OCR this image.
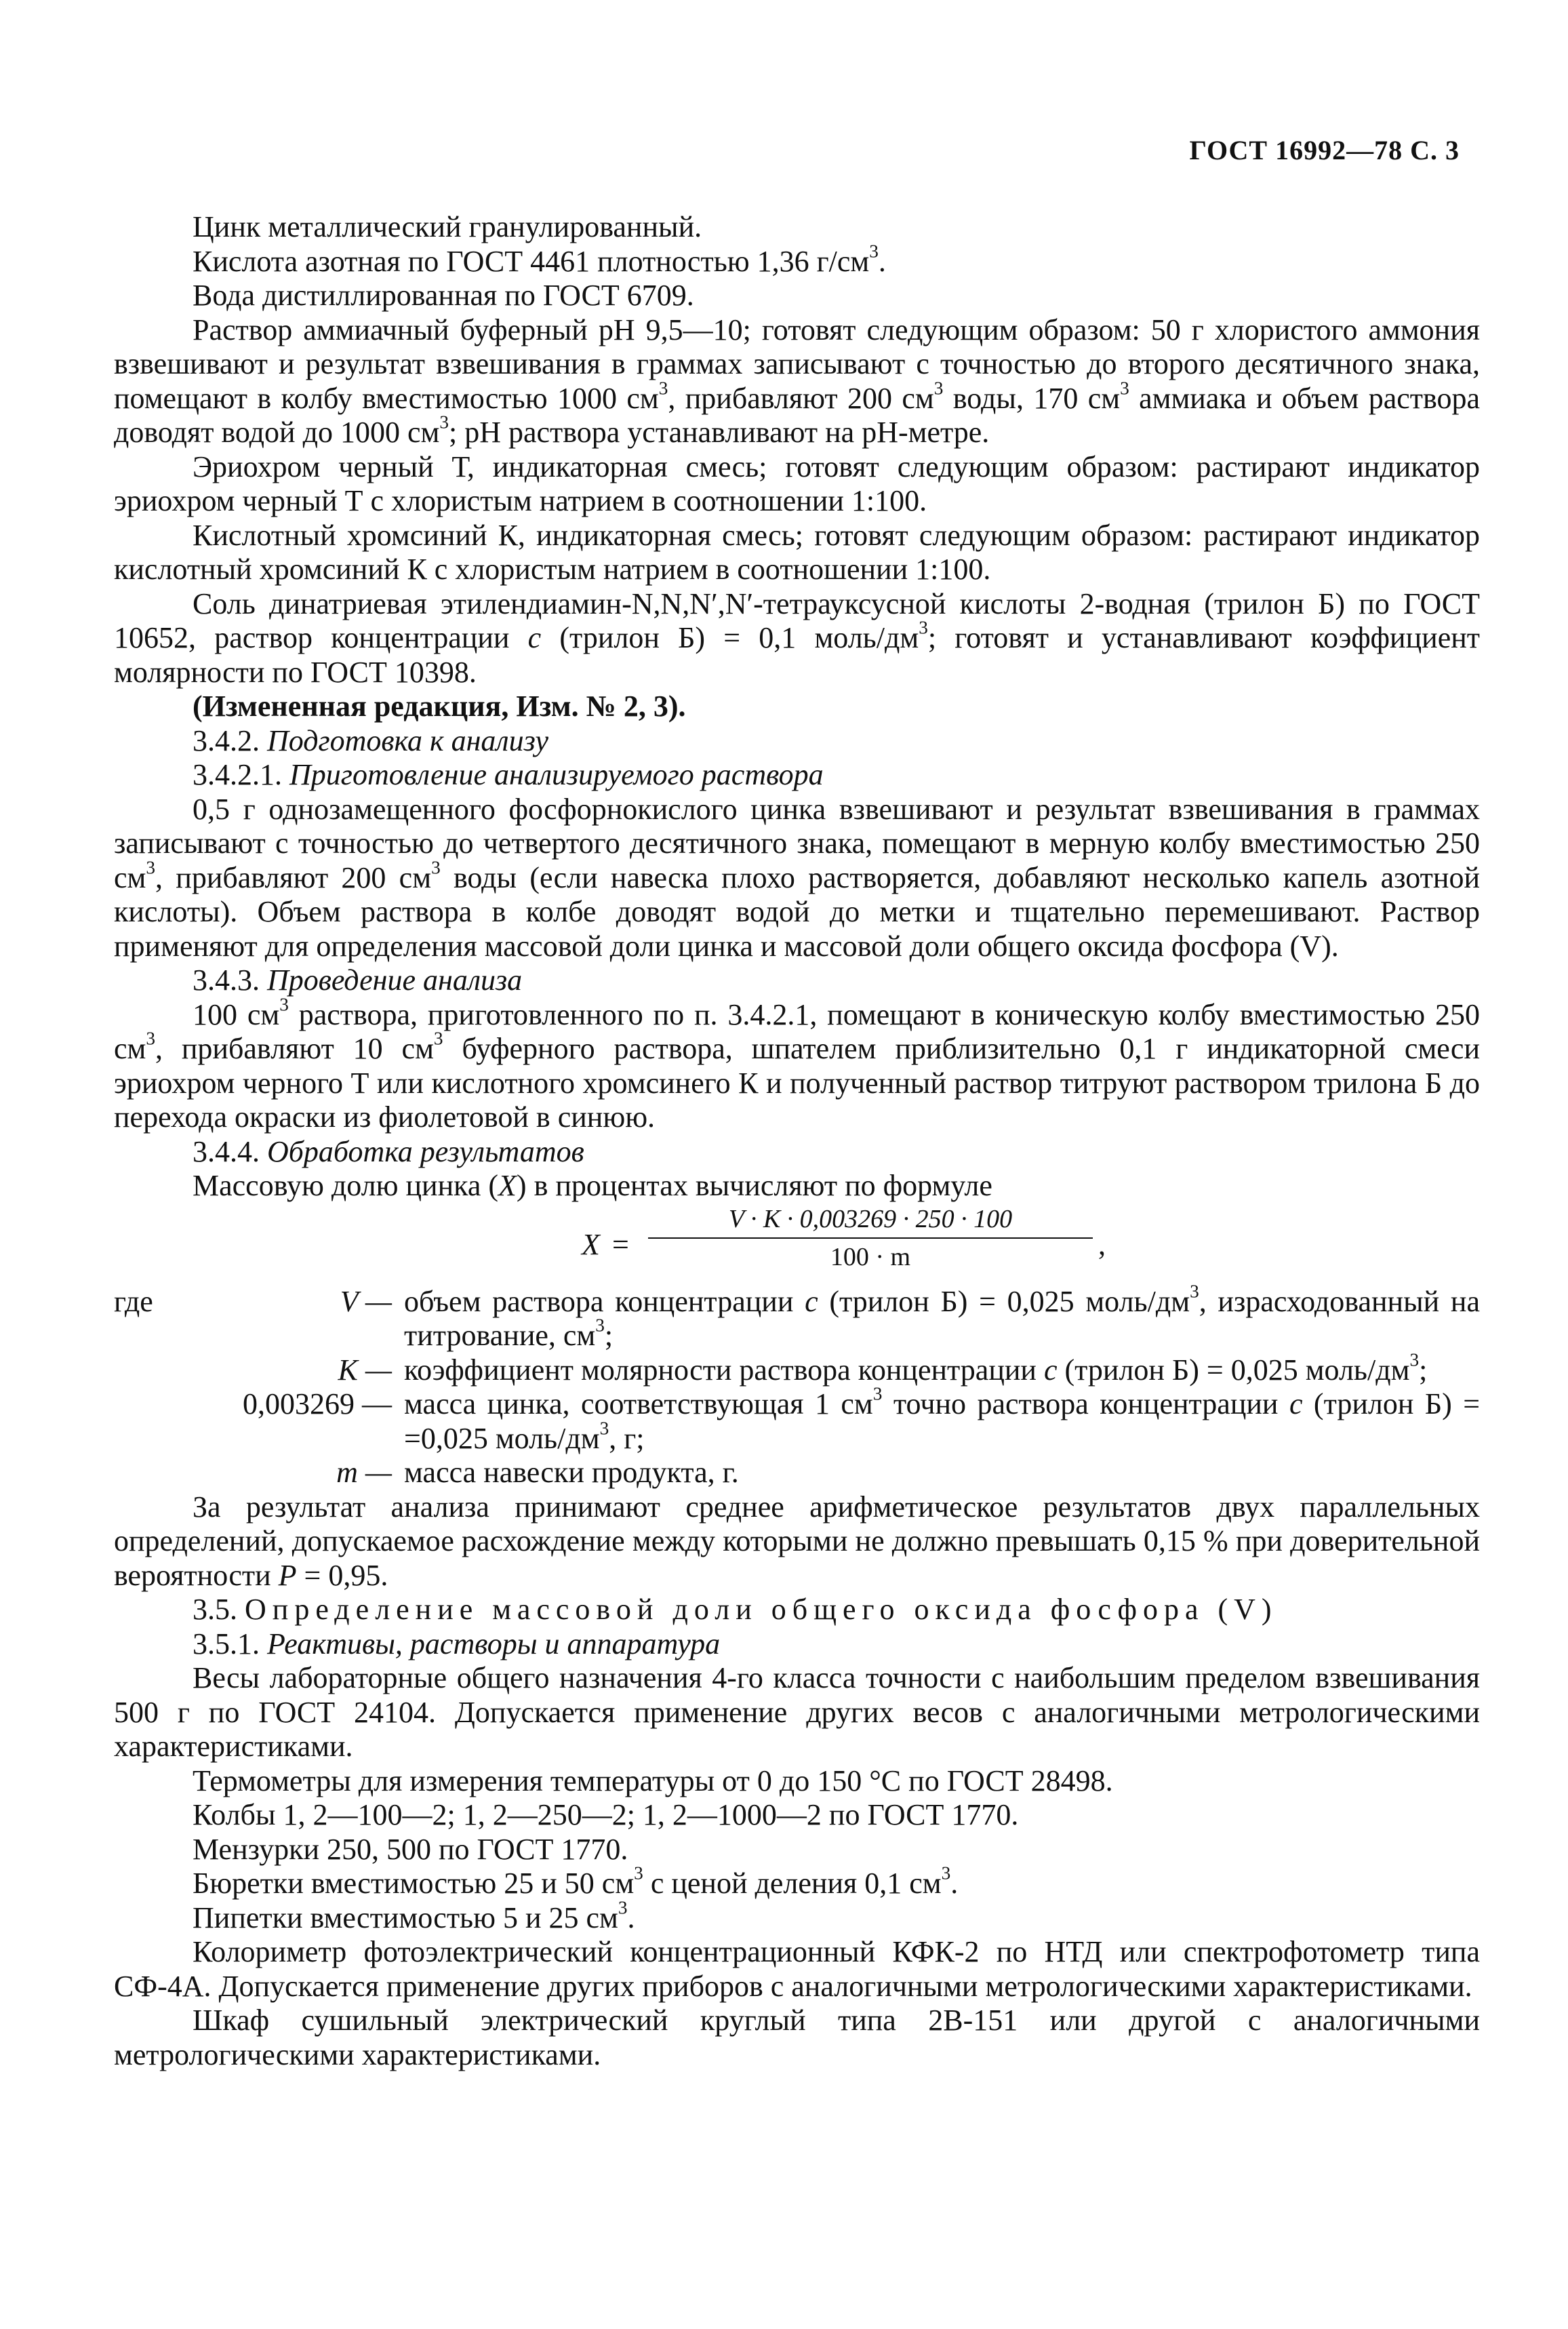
ГОСТ 16992—78 С. 3

Цинк металлический гранулированный.

Кислота азотная по ГОСТ 4461 плотностью 1,36 $г/см^3$.

Вода дистиллированная по ГОСТ 6709.

Раствор аммиачный буферный pH 9,5—10; готовят следующим образом: 50 г хлористого аммония взвешивают и результат взвешивания в граммах записывают с точностью до второго десятичного знака, помещают в колбу вместимостью 1000 $см^3$, прибавляют 200 $см^3$ воды, 170 $см^3$ аммиака и объем раствора доводят водой до 1000 $см^3$; pH раствора устанавливают на pH-метре.

Эриохром черный Т, индикаторная смесь; готовят следующим образом: растирают индикатор эриохром черный Т с хлористым натрием в соотношении 1:100.

Кислотный хромсиний К, индикаторная смесь; готовят следующим образом: растирают индикатор кислотный хромсиний К с хлористым натрием в соотношении 1:100.

Соль динатриевая этилендиамин-N,N,N′,N′-тетрауксусной кислоты 2-водная (трилон Б) по ГОСТ 10652, раствор концентрации c (трилон Б) = 0,1 моль/$дм^3$; готовят и устанавливают коэффициент молярности по ГОСТ 10398.

(Измененная редакция, Изм. № 2, 3).

3.4.2. Подготовка к анализу

3.4.2.1. Приготовление анализируемого раствора

0,5 г однозамещенного фосфорнокислого цинка взвешивают и результат взвешивания в граммах записывают с точностью до четвертого десятичного знака, помещают в мерную колбу вместимостью 250 $см^3$, прибавляют 200 $см^3$ воды (если навеска плохо растворяется, добавляют несколько капель азотной кислоты). Объем раствора в колбе доводят водой до метки и тщательно перемешивают. Раствор применяют для определения массовой доли цинка и массовой доли общего оксида фосфора (V).

3.4.3. Проведение анализа

100 $см^3$ раствора, приготовленного по п. 3.4.2.1, помещают в коническую колбу вместимостью 250 $см^3$, прибавляют 10 $см^3$ буферного раствора, шпателем приблизительно 0,1 г индикаторной смеси эриохром черного Т или кислотного хромсинего К и полученный раствор титруют раствором трилона Б до перехода окраски из фиолетовой в синюю.

3.4.4. Обработка результатов

Массовую долю цинка (X) в процентах вычисляют по формуле

$X = \frac{V \cdot K \cdot 0,003269 \cdot 250 \cdot 100}{100 \cdot m}$ ,
где	V —	объем раствора концентрации c (трилон Б) = 0,025 моль/$дм^3$, израсходованный на титрование, $см^3$;
	K —	коэффициент молярности раствора концентрации c (трилон Б) = 0,025 моль/$дм^3$;
	0,003269 —	масса цинка, соответствующая 1 $см^3$ точно раствора концентрации c (трилон Б) = =0,025 моль/$дм^3$, г;
	m —	масса навески продукта, г.

За результат анализа принимают среднее арифметическое результатов двух параллельных определений, допускаемое расхождение между которыми не должно превышать 0,15 % при доверительной вероятности P = 0,95.

3.5. Определение массовой доли общего оксида фосфора (V)

3.5.1. Реактивы, растворы и аппаратура

Весы лабораторные общего назначения 4-го класса точности с наибольшим пределом взвешивания 500 г по ГОСТ 24104. Допускается применение других весов с аналогичными метрологическими характеристиками.

Термометры для измерения температуры от 0 до 150 °С по ГОСТ 28498.

Колбы 1, 2—100—2; 1, 2—250—2; 1, 2—1000—2 по ГОСТ 1770.

Мензурки 250, 500 по ГОСТ 1770.

Бюретки вместимостью 25 и 50 $см^3$ с ценой деления 0,1 $см^3$.

Пипетки вместимостью 5 и 25 $см^3$.

Колориметр фотоэлектрический концентрационный КФК-2 по НТД или спектрофотометр типа СФ-4А. Допускается применение других приборов с аналогичными метрологическими характеристиками.

Шкаф сушильный электрический круглый типа 2В-151 или другой с аналогичными метрологическими характеристиками.
